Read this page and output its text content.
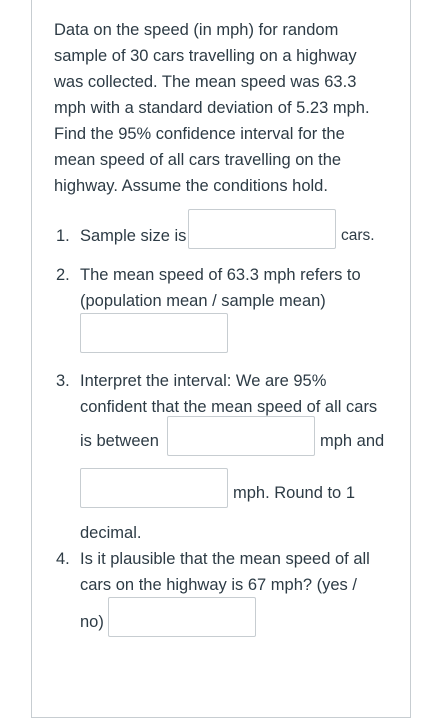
Data on the speed (in mph) for random

sample of 30 cars travelling on a highway

was collected. The mean speed was 63.3

mph with a standard deviation of 5.23 mph.

Find the 95% confidence interval for the

mean speed of all cars travelling on the

highway. Assume the conditions hold.

1. Sample size is	cars.
2. The mean speed of 63.3 mph refers to
(population mean / sample mean)
3. Interpret the interval: We are 95%
confident that the mean speed of all cars
is between	mph and
mph. Round to 1
decimal.
4. Is it plausible that the mean speed of all
cars on the highway is 67 mph? (yes /
no)
